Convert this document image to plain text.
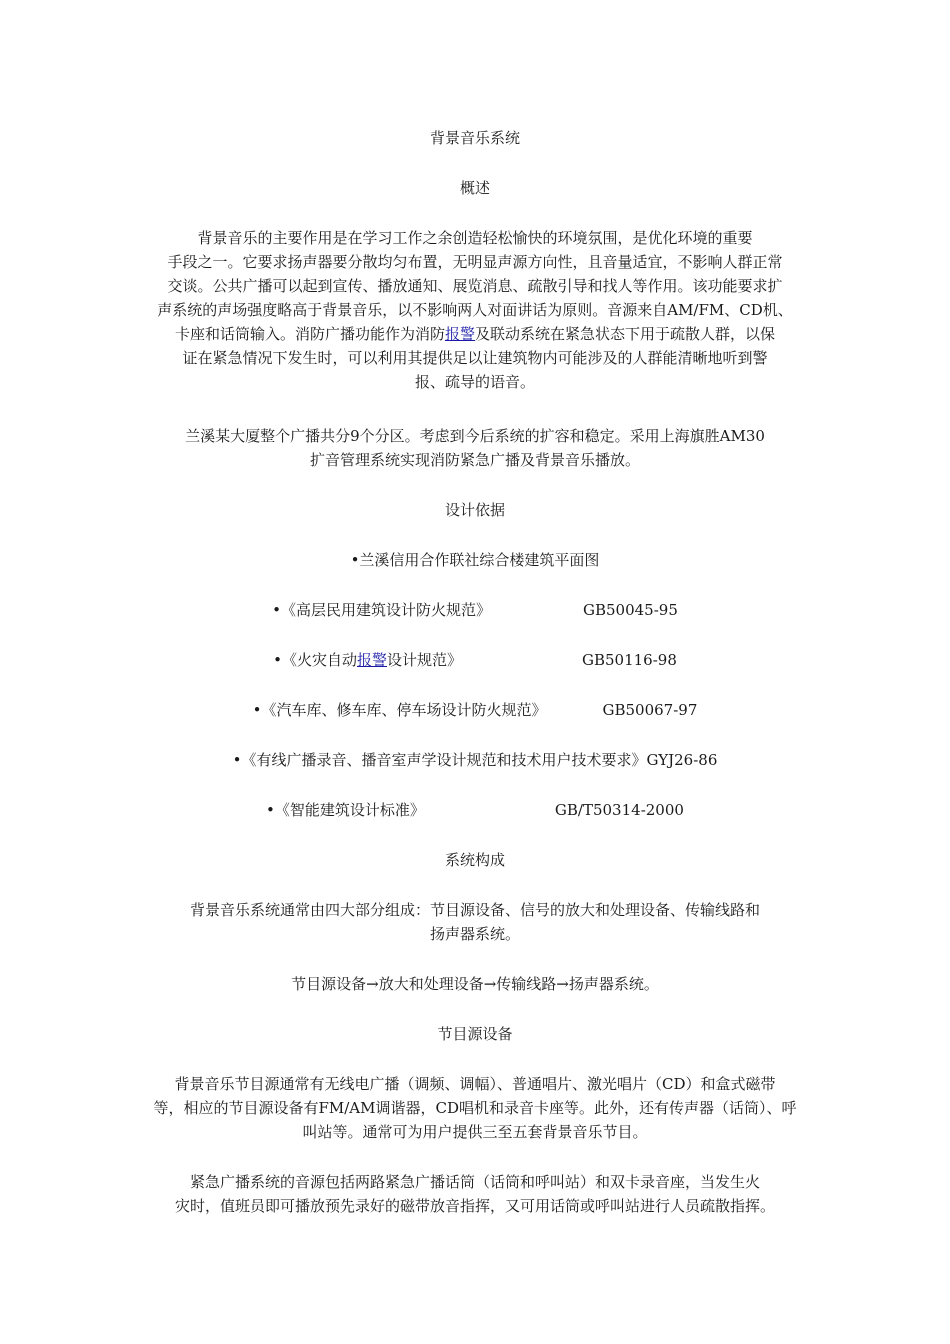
背景音乐系统

概述

背景音乐的主要作用是在学习工作之余创造轻松愉快的环境氛围，是优化环境的重要
手段之一。它要求扬声器要分散均匀布置，无明显声源方向性，且音量适宜，不影响人群正常
交谈。公共广播可以起到宣传、播放通知、展览消息、疏散引导和找人等作用。该功能要求扩
声系统的声场强度略高于背景音乐，以不影响两人对面讲话为原则。音源来自AM/FM、CD机、
卡座和话筒输入。消防广播功能作为消防报警及联动系统在紧急状态下用于疏散人群，以保
证在紧急情况下发生时，可以利用其提供足以让建筑物内可能涉及的人群能清晰地听到警
报、疏导的语音。

兰溪某大厦整个广播共分9个分区。考虑到今后系统的扩容和稳定。采用上海旗胜AM30
扩音管理系统实现消防紧急广播及背景音乐播放。

设计依据

•兰溪信用合作联社综合楼建筑平面图

•《高层民用建筑设计防火规范》	GB50045-95

•《火灾自动报警设计规范》	GB50116-98

•《汽车库、修车库、停车场设计防火规范》	GB50067-97

•《有线广播录音、播音室声学设计规范和技术用户技术要求》GYJ26-86

•《智能建筑设计标准》	GB/T50314-2000

系统构成

背景音乐系统通常由四大部分组成：节目源设备、信号的放大和处理设备、传输线路和
扬声器系统。

节目源设备→放大和处理设备→传输线路→扬声器系统。

节目源设备

背景音乐节目源通常有无线电广播（调频、调幅）、普通唱片、激光唱片（CD）和盒式磁带
等，相应的节目源设备有FM/AM调谐器，CD唱机和录音卡座等。此外，还有传声器（话筒）、呼
叫站等。通常可为用户提供三至五套背景音乐节目。

紧急广播系统的音源包括两路紧急广播话筒（话筒和呼叫站）和双卡录音座，当发生火
灾时，值班员即可播放预先录好的磁带放音指挥，又可用话筒或呼叫站进行人员疏散指挥。
